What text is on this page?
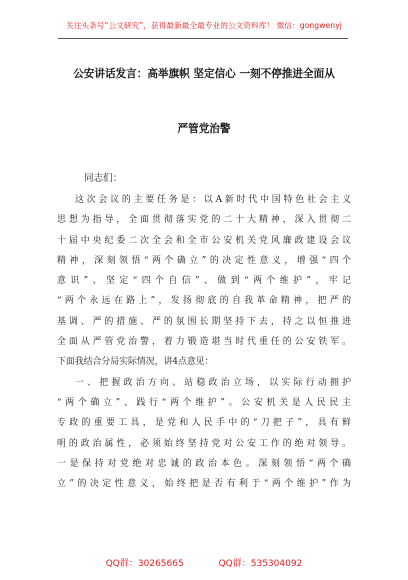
关注头条号“公文研究”，获得最新最全最专业的公文资料库！ 微信：gongwenyj
公安讲话发言：高举旗帜 坚定信心 一刻不停推进全面从
严管党治警
同志们：
这次会议的主要任务是：以A新时代中国特色社会主义
思想为指导，全面贯彻落实党的二十大精神，深入贯彻二
十届中央纪委二次全会和全市公安机关党风廉政建设会议
精神，深刻领悟“两个确立”的决定性意义，增强“四个
意识”、坚定“四个自信”、做到“两个维护”，牢记
“两个永远在路上”，发扬彻底的自我革命精神，把严的
基调、严的措施、严的氛围长期坚持下去，持之以恒推进
全面从严管党治警，着力锻造堪当时代重任的公安铁军。
下面我结合分局实际情况，讲4点意见：
一、把握政治方向、站稳政治立场，以实际行动拥护
“两个确立”、践行“两个维护”。公安机关是人民民主
专政的重要工具，是党和人民手中的“刀把子”，具有鲜
明的政治属性，必须始终坚持党对公安工作的绝对领导。
一是保持对党绝对忠诚的政治本色。深刻领悟“两个确
立”的决定性意义，始终把是否有利于“两个维护”作为
QQ群：30265665	QQ群：535304092
